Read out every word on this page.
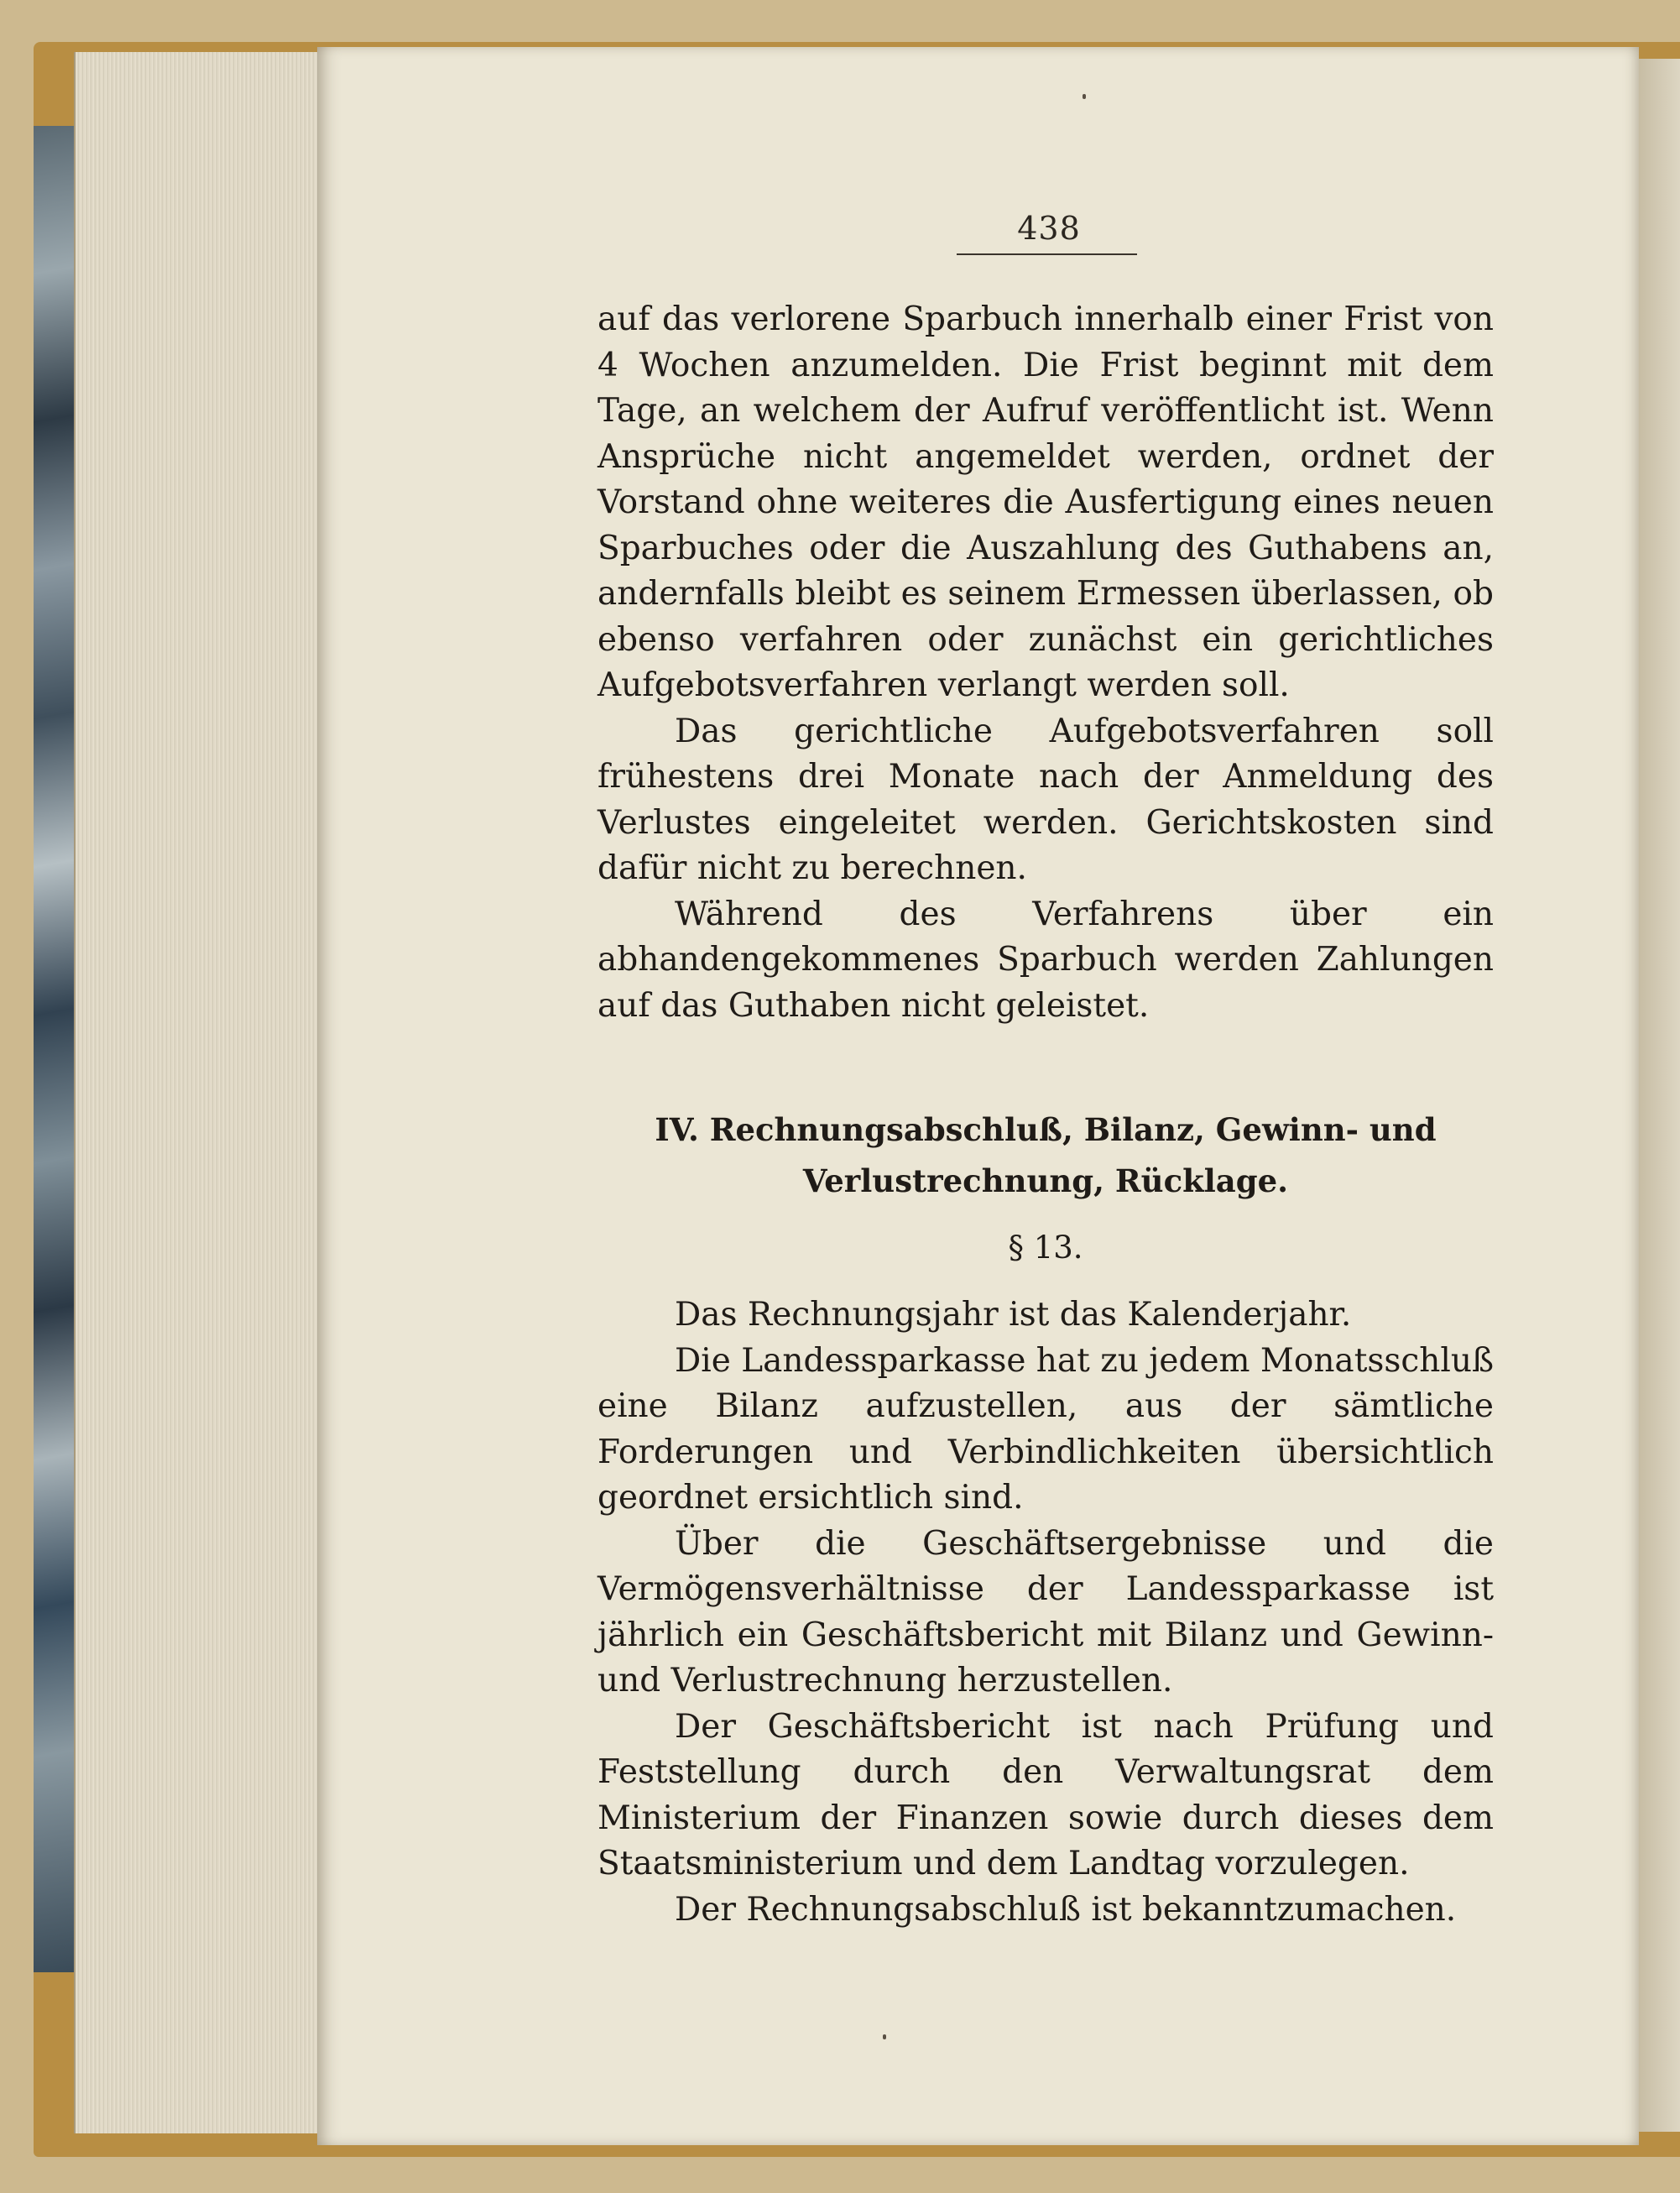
438

auf das verlorene Sparbuch innerhalb einer Frist von 4 Wochen anzumelden. Die Frist beginnt mit dem Tage, an welchem der Aufruf veröffentlicht ist. Wenn Ansprüche nicht angemeldet werden, ordnet der Vorstand ohne weiteres die Ausfertigung eines neuen Sparbuches oder die Auszahlung des Guthabens an, andernfalls bleibt es seinem Ermessen überlassen, ob ebenso verfahren oder zunächst ein gerichtliches Aufgebotsverfahren verlangt werden soll.

Das gerichtliche Aufgebotsverfahren soll frühestens drei Monate nach der Anmeldung des Verlustes eingeleitet werden. Gerichtskosten sind dafür nicht zu berechnen.

Während des Verfahrens über ein abhandengekommenes Sparbuch werden Zahlungen auf das Guthaben nicht geleistet.

IV. Rechnungsabschluß, Bilanz, Gewinn- und
Verlustrechnung, Rücklage.
§ 13.

Das Rechnungsjahr ist das Kalenderjahr.

Die Landessparkasse hat zu jedem Monatsschluß eine Bilanz aufzustellen, aus der sämtliche Forderungen und Verbindlichkeiten übersichtlich geordnet ersichtlich sind.

Über die Geschäftsergebnisse und die Vermögensverhältnisse der Landessparkasse ist jährlich ein Geschäftsbericht mit Bilanz und Gewinn- und Verlustrechnung herzustellen.

Der Geschäftsbericht ist nach Prüfung und Feststellung durch den Verwaltungsrat dem Ministerium der Finanzen sowie durch dieses dem Staatsministerium und dem Landtag vorzulegen.

Der Rechnungsabschluß ist bekanntzumachen.
